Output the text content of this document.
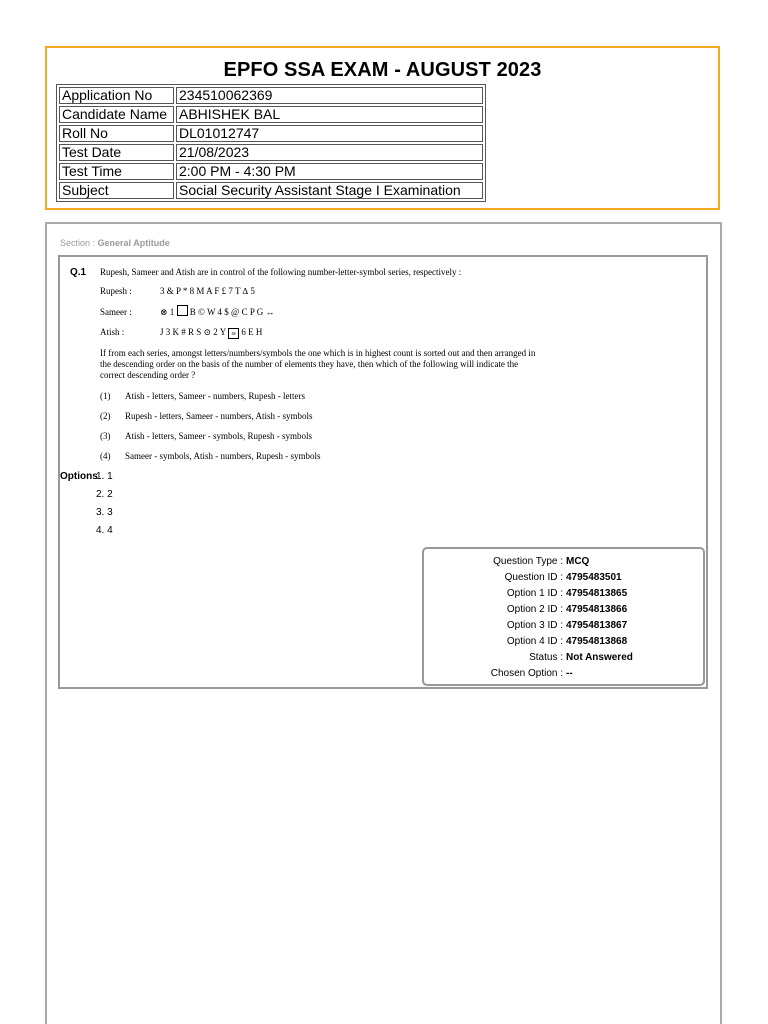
EPFO SSA EXAM - AUGUST 2023
Application No	234510062369
Candidate Name	ABHISHEK BAL
Roll No	DL01012747
Test Date	21/08/2023
Test Time	2:00 PM - 4:30 PM
Subject	Social Security Assistant Stage I Examination
Section : General Aptitude
Q.1 Rupesh, Sameer and Atish are in control of the following number-letter-symbol series, respectively :
Rupesh :	3 & P * 8 M A F £ 7 T ∆ 5
Sameer :	⊗ 1 B © W 4 $ @ C P G ↔
Atish :	J 3 K # R S ⊙ 2 Y ≡ 6 E H
If from each series, amongst letters/numbers/symbols the one which is in highest count is sorted out and then arranged in the descending order on the basis of the number of elements they have, then which of the following will indicate the correct descending order ?
(1) Atish - letters, Sameer - numbers, Rupesh - letters
(2) Rupesh - letters, Sameer - numbers, Atish - symbols
(3) Atish - letters, Sameer - symbols, Rupesh - symbols
(4) Sameer - symbols, Atish - numbers, Rupesh - symbols
Options
1. 1
2. 2
3. 3
4. 4
Question Type : MCQ
Question ID : 4795483501
Option 1 ID : 47954813865
Option 2 ID : 47954813866
Option 3 ID : 47954813867
Option 4 ID : 47954813868
Status : Not Answered
Chosen Option : --
